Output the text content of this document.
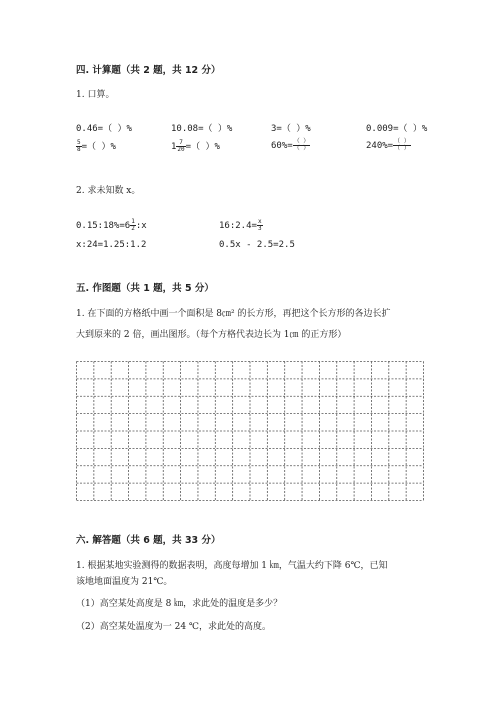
四. 计算题（共 2 题，共 12 分）
1. 口算。
0.46=（ ）%	10.08=（ ）%	3=（ ）%	0.009=（ ）%
$\frac{5}{8}$ =（ ）%	$1 \frac{7}{20}$ =（ ）%	$60\%= \frac{( )}{( )}$	$240\%= \frac{( )}{( )}$
2. 求未知数 x。
0.15:18%=6 $\frac{1}{2}$ :x	16:2.4= $\frac{x}{3}$
x:24=1.25:1.2	0.5x - 2.5=2.5
五. 作图题（共 1 题，共 5 分）
1. 在下面的方格纸中画一个面积是 8㎝² 的长方形，再把这个长方形的各边长扩
大到原来的 2 倍，画出图形。（每个方格代表边长为 1㎝ 的正方形）
六. 解答题（共 6 题，共 33 分）
1. 根据某地实验测得的数据表明，高度每增加 1 ㎞，气温大约下降 6℃，已知
该地地面温度为 21℃。
（1）高空某处高度是 8 ㎞，求此处的温度是多少？
（2）高空某处温度为一 24 ℃，求此处的高度。
